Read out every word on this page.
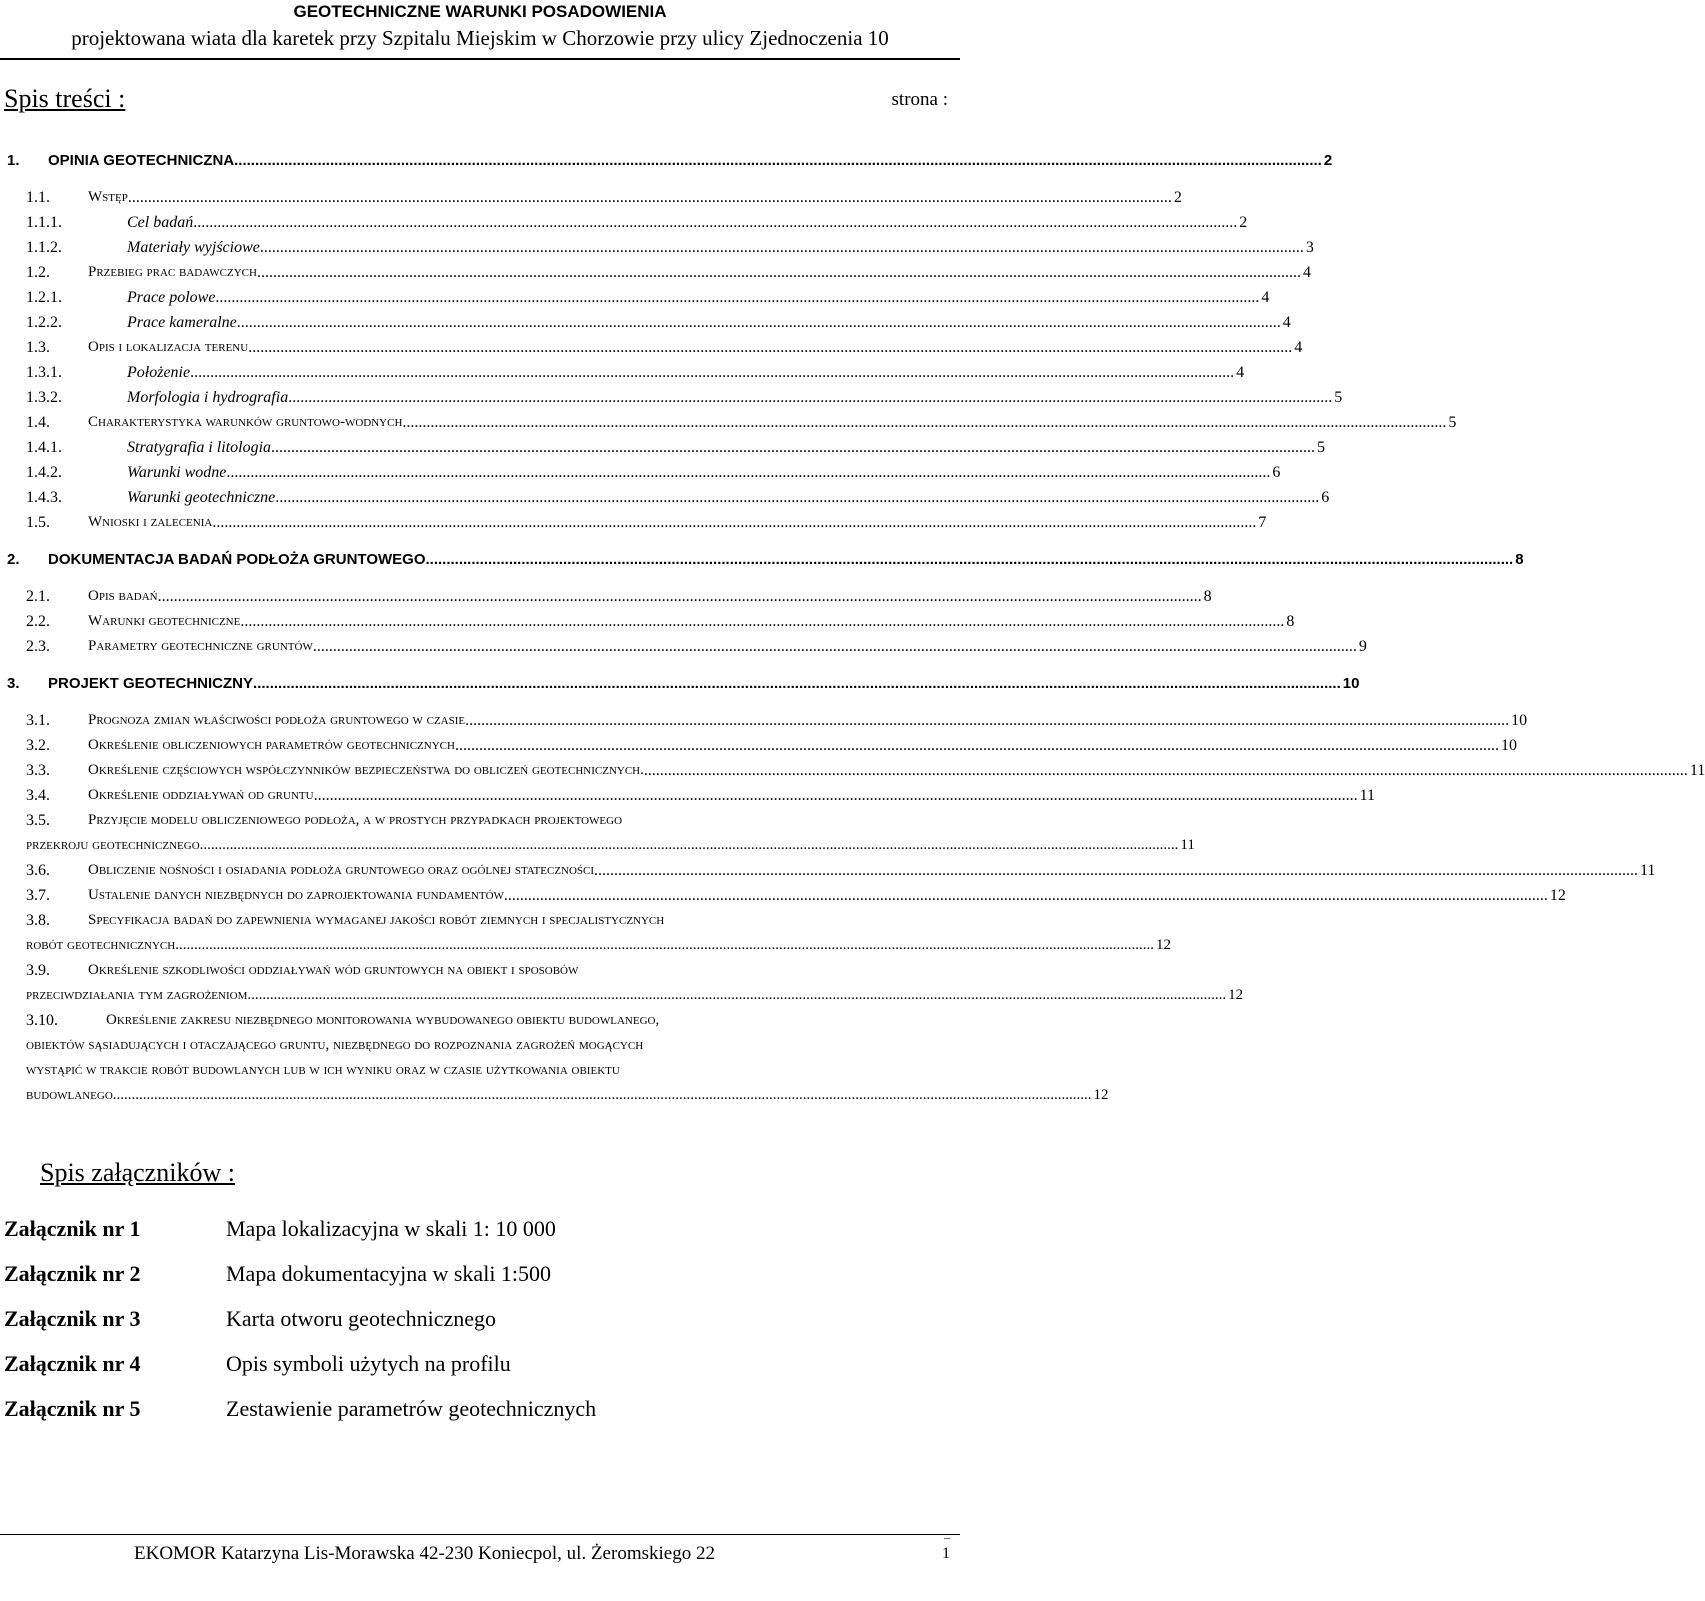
GEOTECHNICZNE WARUNKI POSADOWIENIA
projektowana wiata dla karetek przy Szpitalu Miejskim w Chorzowie przy ulicy Zjednoczenia 10
Spis treści :	strona :
1. OPINIA GEOTECHNICZNA .....	2
1.1.	Wstęp .....	2
1.1.1.	Cel badań .....	2
1.1.2.	Materiały wyjściowe .....	3
1.2.	Przebieg prac badawczych .....	4
1.2.1.	Prace polowe .....	4
1.2.2.	Prace kameralne .....	4
1.3.	Opis i lokalizacja terenu .....	4
1.3.1.	Położenie .....	4
1.3.2.	Morfologia i hydrografia .....	5
1.4.	Charakterystyka warunków gruntowo-wodnych .....	5
1.4.1.	Stratygrafia i litologia .....	5
1.4.2.	Warunki wodne .....	6
1.4.3.	Warunki geotechniczne .....	6
1.5.	Wnioski i zalecenia .....	7
2. DOKUMENTACJA BADAŃ PODŁOŻA GRUNTOWEGO .....	8
2.1.	Opis badań .....	8
2.2.	Warunki geotechniczne .....	8
2.3.	Parametry geotechniczne gruntów .....	9
3. PROJEKT GEOTECHNICZNY .....	10
3.1.	Prognoza zmian właściwości podłoża gruntowego w czasie .....	10
3.2.	Określenie obliczeniowych parametrów geotechnicznych .....	10
3.3.	Określenie częściowych współczynników bezpieczeństwa do obliczeń geotechnicznych. .....	11
3.4.	Określenie oddziaływań od gruntu .....	11
3.5.	Przyjęcie modelu obliczeniowego podłoża, a w prostych przypadkach projektowego
przekroju geotechnicznego .....	11
3.6.	Obliczenie nośności i osiadania podłoża gruntowego oraz ogólnej stateczności .....	11
3.7.	Ustalenie danych niezbędnych do zaprojektowania fundamentów .....	12
3.8.	Specyfikacja badań do zapewnienia wymaganej jakości robót ziemnych i specjalistycznych
robót geotechnicznych .....	12
3.9.	Określenie szkodliwości oddziaływań wód gruntowych na obiekt i sposobów
przeciwdziałania tym zagrożeniom .....	12
3.10.	Określenie zakresu niezbędnego monitorowania wybudowanego obiektu budowlanego,
obiektów sąsiadujących i otaczającego gruntu, niezbędnego do rozpoznania zagrożeń mogących
wystąpić w trakcie robót budowlanych lub w ich wyniku oraz w czasie użytkowania obiektu
budowlanego .....	12
Spis załączników :
Załącznik nr 1	Mapa lokalizacyjna w skali 1: 10 000
Załącznik nr 2	Mapa dokumentacyjna w skali 1:500
Załącznik nr 3	Karta otworu geotechnicznego
Załącznik nr 4	Opis symboli użytych na profilu
Załącznik nr 5	Zestawienie parametrów geotechnicznych
–
EKOMOR Katarzyna Lis-Morawska 42-230 Koniecpol, ul. Żeromskiego 22	1
